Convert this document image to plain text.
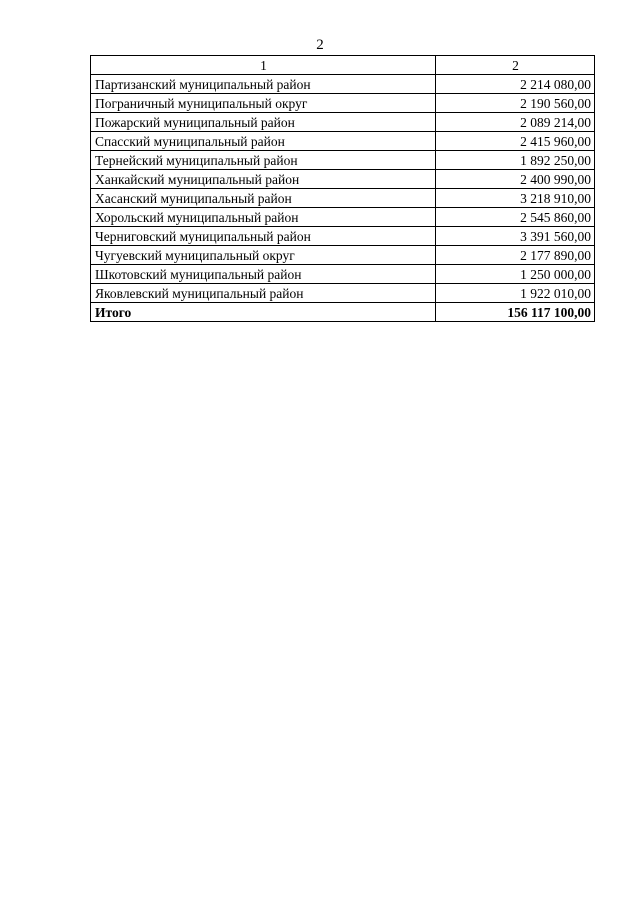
2
1	2
Партизанский муниципальный район	2 214 080,00
Пограничный муниципальный округ	2 190 560,00
Пожарский муниципальный район	2 089 214,00
Спасский муниципальный район	2 415 960,00
Тернейский муниципальный район	1 892 250,00
Ханкайский муниципальный район	2 400 990,00
Хасанский муниципальный район	3 218 910,00
Хорольский муниципальный район	2 545 860,00
Черниговский муниципальный район	3 391 560,00
Чугуевский муниципальный округ	2 177 890,00
Шкотовский муниципальный район	1 250 000,00
Яковлевский муниципальный район	1 922 010,00
Итого	156 117 100,00
